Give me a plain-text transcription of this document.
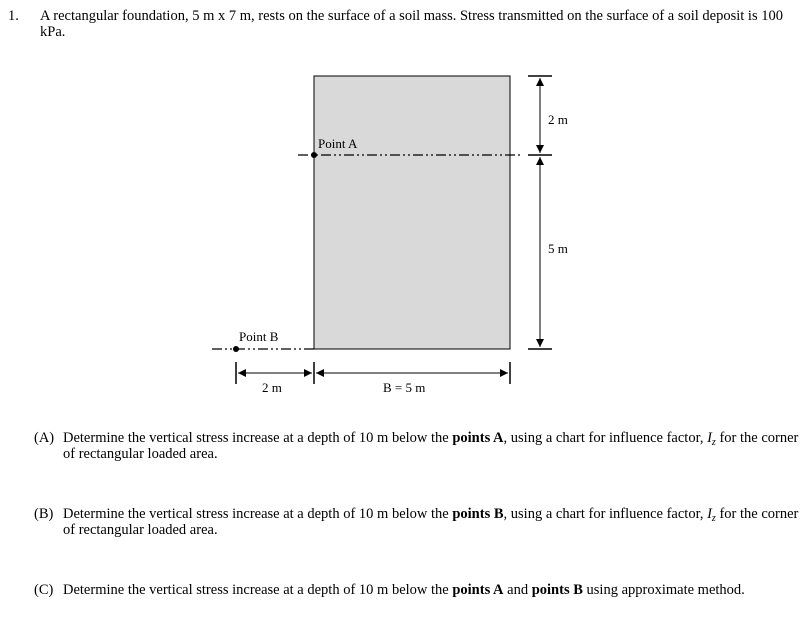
1. A rectangular foundation, 5 m x 7 m, rests on the surface of a soil mass. Stress transmitted on the surface of a soil deposit is 100 kPa.
Point A
Point B
2 m
5 m
2 m	B = 5 m
(A) Determine the vertical stress increase at a depth of 10 m below the points A, using a chart for influence factor, $I_z$ for the corner of rectangular loaded area.
(B) Determine the vertical stress increase at a depth of 10 m below the points B, using a chart for influence factor, $I_z$ for the corner of rectangular loaded area.
(C) Determine the vertical stress increase at a depth of 10 m below the points A and points B using approximate method.
